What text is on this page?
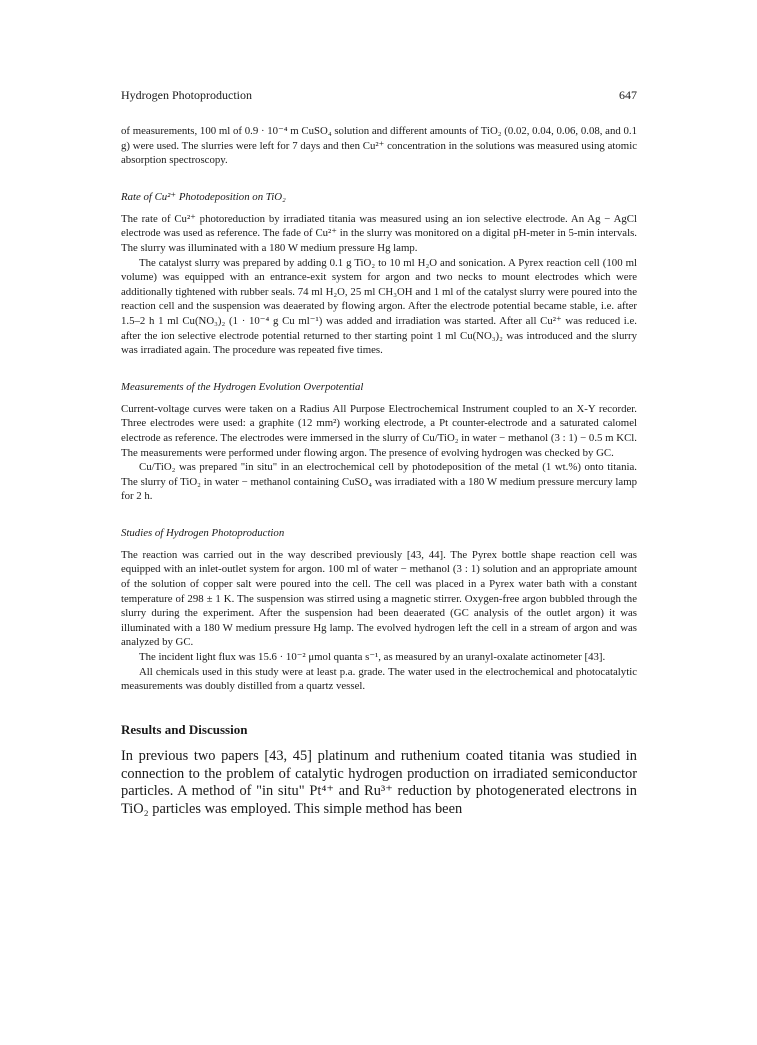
Hydrogen Photoproduction	647

of measurements, 100 ml of 0.9 · 10⁻⁴ m CuSO₄ solution and different amounts of TiO₂ (0.02, 0.04, 0.06, 0.08, and 0.1 g) were used. The slurries were left for 7 days and then Cu²⁺ concentration in the solutions was measured using atomic absorption spectroscopy.

Rate of Cu²⁺ Photodeposition on TiO₂

The rate of Cu²⁺ photoreduction by irradiated titania was measured using an ion selective electrode. An Ag − AgCl electrode was used as reference. The fade of Cu²⁺ in the slurry was monitored on a digital pH-meter in 5-min intervals. The slurry was illuminated with a 180 W medium pressure Hg lamp.

The catalyst slurry was prepared by adding 0.1 g TiO₂ to 10 ml H₂O and sonication. A Pyrex reaction cell (100 ml volume) was equipped with an entrance-exit system for argon and two necks to mount electrodes which were additionally tightened with rubber seals. 74 ml H₂O, 25 ml CH₃OH and 1 ml of the catalyst slurry were poured into the reaction cell and the suspension was deaerated by flowing argon. After the electrode potential became stable, i.e. after 1.5–2 h 1 ml Cu(NO₃)₂ (1 · 10⁻⁴ g Cu ml⁻¹) was added and irradiation was started. After all Cu²⁺ was reduced i.e. after the ion selective electrode potential returned to ther starting point 1 ml Cu(NO₃)₂ was introduced and the slurry was irradiated again. The procedure was repeated five times.

Measurements of the Hydrogen Evolution Overpotential

Current-voltage curves were taken on a Radius All Purpose Electrochemical Instrument coupled to an X-Y recorder. Three electrodes were used: a graphite (12 mm²) working electrode, a Pt counter-electrode and a saturated calomel electrode as reference. The electrodes were immersed in the slurry of Cu/TiO₂ in water − methanol (3 : 1) − 0.5 m KCl. The measurements were performed under flowing argon. The presence of evolving hydrogen was checked by GC.

Cu/TiO₂ was prepared "in situ" in an electrochemical cell by photodeposition of the metal (1 wt.%) onto titania. The slurry of TiO₂ in water − methanol containing CuSO₄ was irradiated with a 180 W medium pressure mercury lamp for 2 h.

Studies of Hydrogen Photoproduction

The reaction was carried out in the way described previously [43, 44]. The Pyrex bottle shape reaction cell was equipped with an inlet-outlet system for argon. 100 ml of water − methanol (3 : 1) solution and an appropriate amount of the solution of copper salt were poured into the cell. The cell was placed in a Pyrex water bath with a constant temperature of 298 ± 1 K. The suspension was stirred using a magnetic stirrer. Oxygen-free argon bubbled through the slurry during the experiment. After the suspension had been deaerated (GC analysis of the outlet argon) it was illuminated with a 180 W medium pressure Hg lamp. The evolved hydrogen left the cell in a stream of argon and was analyzed by GC.

The incident light flux was 15.6 · 10⁻² μmol quanta s⁻¹, as measured by an uranyl-oxalate actinometer [43].

All chemicals used in this study were at least p.a. grade. The water used in the electrochemical and photocatalytic measurements was doubly distilled from a quartz vessel.

Results and Discussion

In previous two papers [43, 45] platinum and ruthenium coated titania was studied in connection to the problem of catalytic hydrogen production on irradiated semiconductor particles. A method of "in situ" Pt⁴⁺ and Ru³⁺ reduction by photogenerated electrons in TiO₂ particles was employed. This simple method has been
